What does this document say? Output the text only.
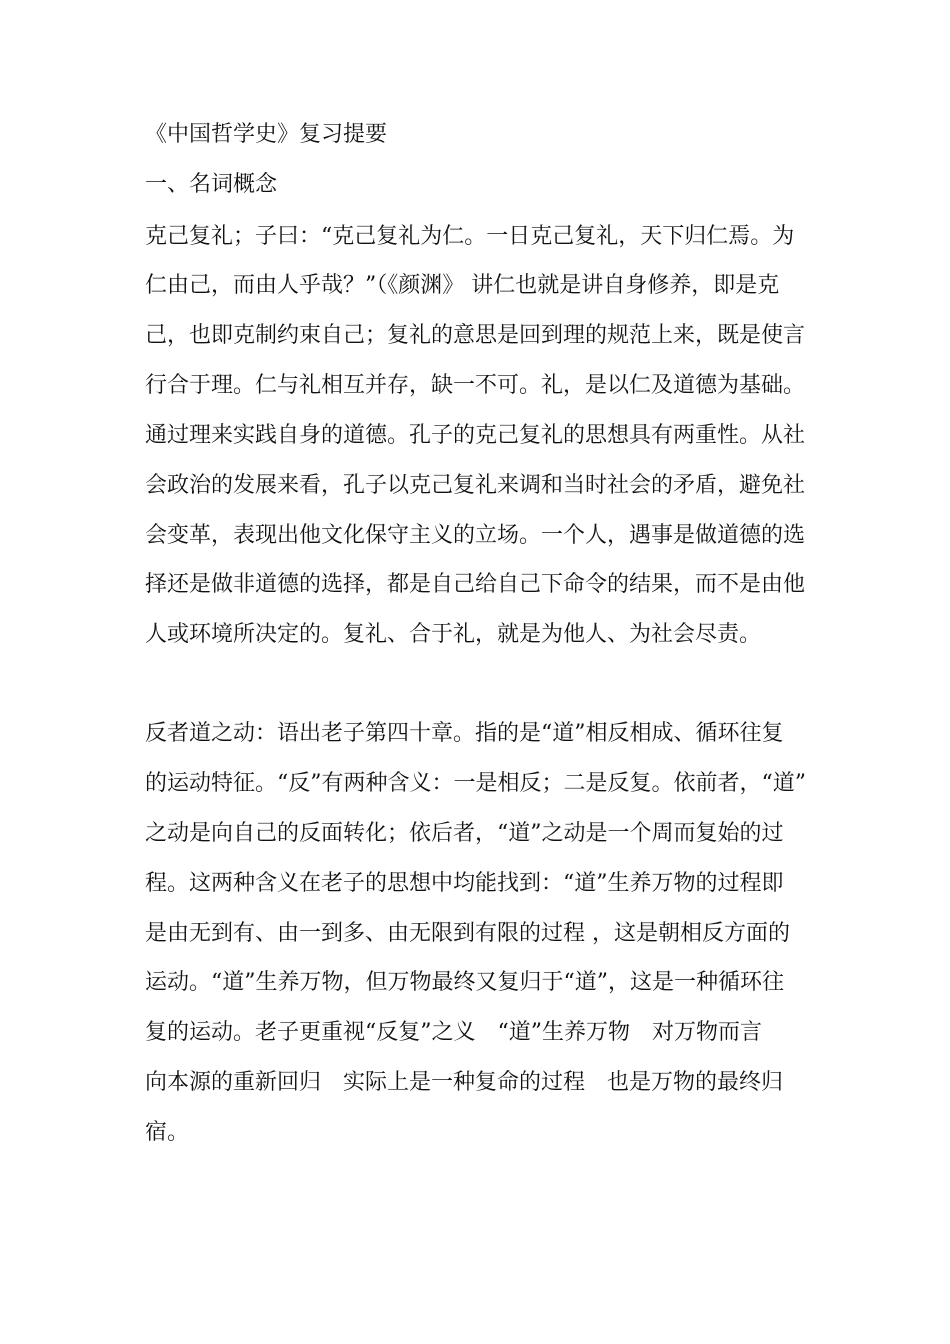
《中国哲学史》复习提要
一、名词概念
克己复礼；子曰：“克己复礼为仁。一日克己复礼，天下归仁焉。为
仁由己，而由人乎哉？”（《颜渊》 讲仁也就是讲自身修养，即是克
己，也即克制约束自己；复礼的意思是回到理的规范上来，既是使言
行合于理。仁与礼相互并存，缺一不可。礼，是以仁及道德为基础。
通过理来实践自身的道德。孔子的克己复礼的思想具有两重性。从社
会政治的发展来看，孔子以克己复礼来调和当时社会的矛盾，避免社
会变革，表现出他文化保守主义的立场。一个人，遇事是做道德的选
择还是做非道德的选择，都是自己给自己下命令的结果，而不是由他
人或环境所决定的。复礼、合于礼，就是为他人、为社会尽责。
反者道之动：语出老子第四十章。指的是“道”相反相成、循环往复
的运动特征。“反”有两种含义：一是相反；二是反复。依前者，“道”
之动是向自己的反面转化；依后者，“道”之动是一个周而复始的过
程。这两种含义在老子的思想中均能找到：“道”生养万物的过程即
是由无到有、由一到多、由无限到有限的过程 ，这是朝相反方面的
运动。“道”生养万物，但万物最终又复归于“道”，这是一种循环往
复的运动。老子更重视“反复”之义　“道”生养万物　对万物而言
向本源的重新回归　实际上是一种复命的过程　也是万物的最终归
宿。
